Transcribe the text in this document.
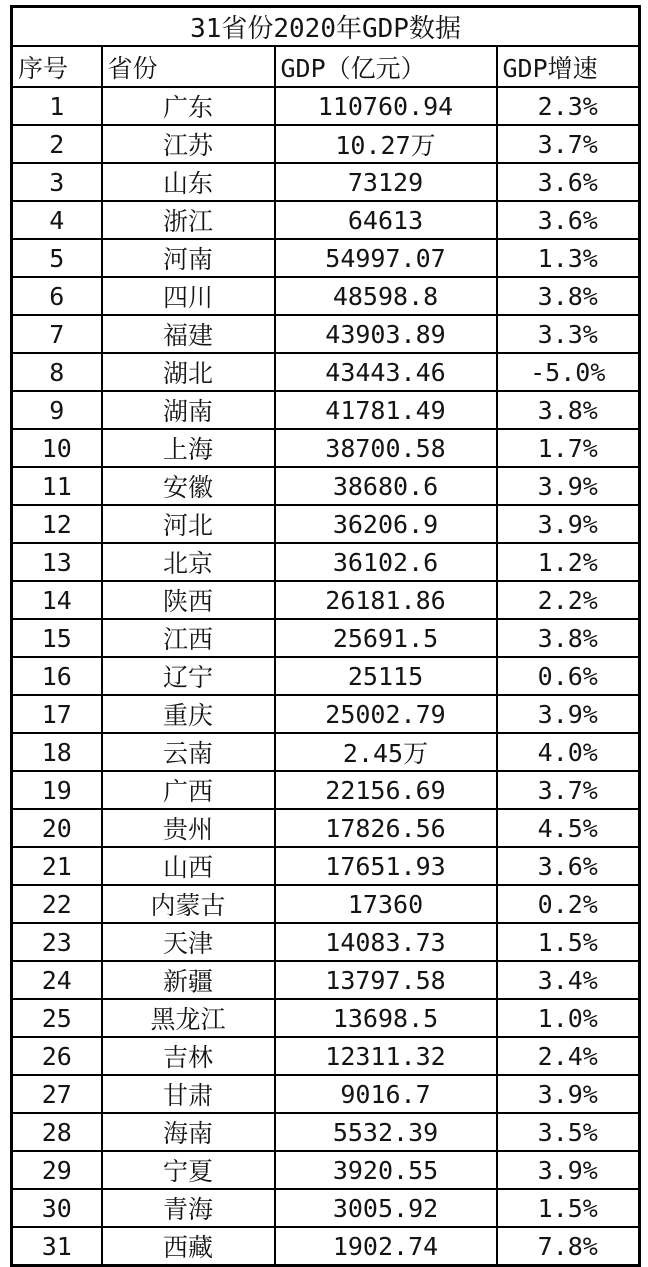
31省份2020年GDP数据			
序号	省份	GDP（亿元）	GDP增速
1	广东	110760.94	2.3%
2	江苏	10.27万	3.7%
3	山东	73129	3.6%
4	浙江	64613	3.6%
5	河南	54997.07	1.3%
6	四川	48598.8	3.8%
7	福建	43903.89	3.3%
8	湖北	43443.46	-5.0%
9	湖南	41781.49	3.8%
10	上海	38700.58	1.7%
11	安徽	38680.6	3.9%
12	河北	36206.9	3.9%
13	北京	36102.6	1.2%
14	陕西	26181.86	2.2%
15	江西	25691.5	3.8%
16	辽宁	25115	0.6%
17	重庆	25002.79	3.9%
18	云南	2.45万	4.0%
19	广西	22156.69	3.7%
20	贵州	17826.56	4.5%
21	山西	17651.93	3.6%
22	内蒙古	17360	0.2%
23	天津	14083.73	1.5%
24	新疆	13797.58	3.4%
25	黑龙江	13698.5	1.0%
26	吉林	12311.32	2.4%
27	甘肃	9016.7	3.9%
28	海南	5532.39	3.5%
29	宁夏	3920.55	3.9%
30	青海	3005.92	1.5%
31	西藏	1902.74	7.8%
